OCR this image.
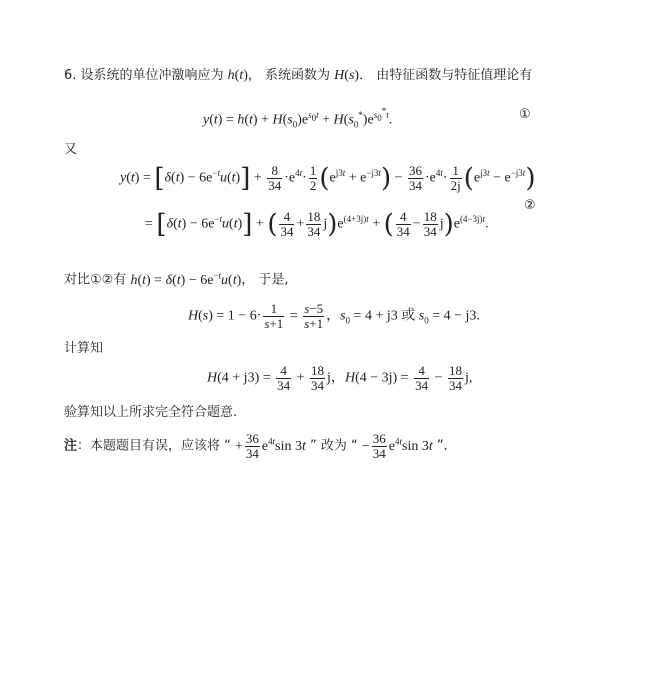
6. 设系统的单位冲激响应为 h(t)， 系统函数为 H(s)． 由特征函数与特征值理论有
$y(t) = h(t) + H(s_0)e^{s_0t} + H(s_0^*)e^{s_0^*t}$.	①
又
$y(t) = [\delta(t) - 6e^{-t}u(t)] + \frac{8}{34} \cdot e^{4t}\cdot \frac{1}{2} (e^{j3t} + e^{-j3t}) - \frac{36}{34} \cdot e^{4t}\cdot \frac{1}{2j} (e^{j3t} - e^{-j3t})$
= $[\delta(t) - 6e^{-t}u(t)]$ + ( $\frac{4}{34} + \frac{18}{34} j)e^{(4+3j)t}$ + ( $\frac{4}{34} - \frac{18}{34} j)e^{(4-3j)t}$.
②
对比①②有 $h(t) = \delta(t) - 6e^{-t}u(t)$， 于是,
$H(s) = 1 - 6\cdot \frac{1}{s+1} = \frac{s-5}{s+1}$ ，$s_0 = 4 + j3$ 或 $s_0 = 4 - j3$.
计算知
$H(4 + j3) = \frac{4}{34} + \frac{18}{34}$ j，$H(4 - 3j) = \frac{4}{34} - \frac{18}{34} j$,
验算知以上所求完全符合题意.
注：本题题目有误，应该将 “ + $\frac{36}{34} e^{4t}\sin$ 3t ” 改为 “ − $\frac{36}{34} e^{4t}\sin$ 3t ”．
